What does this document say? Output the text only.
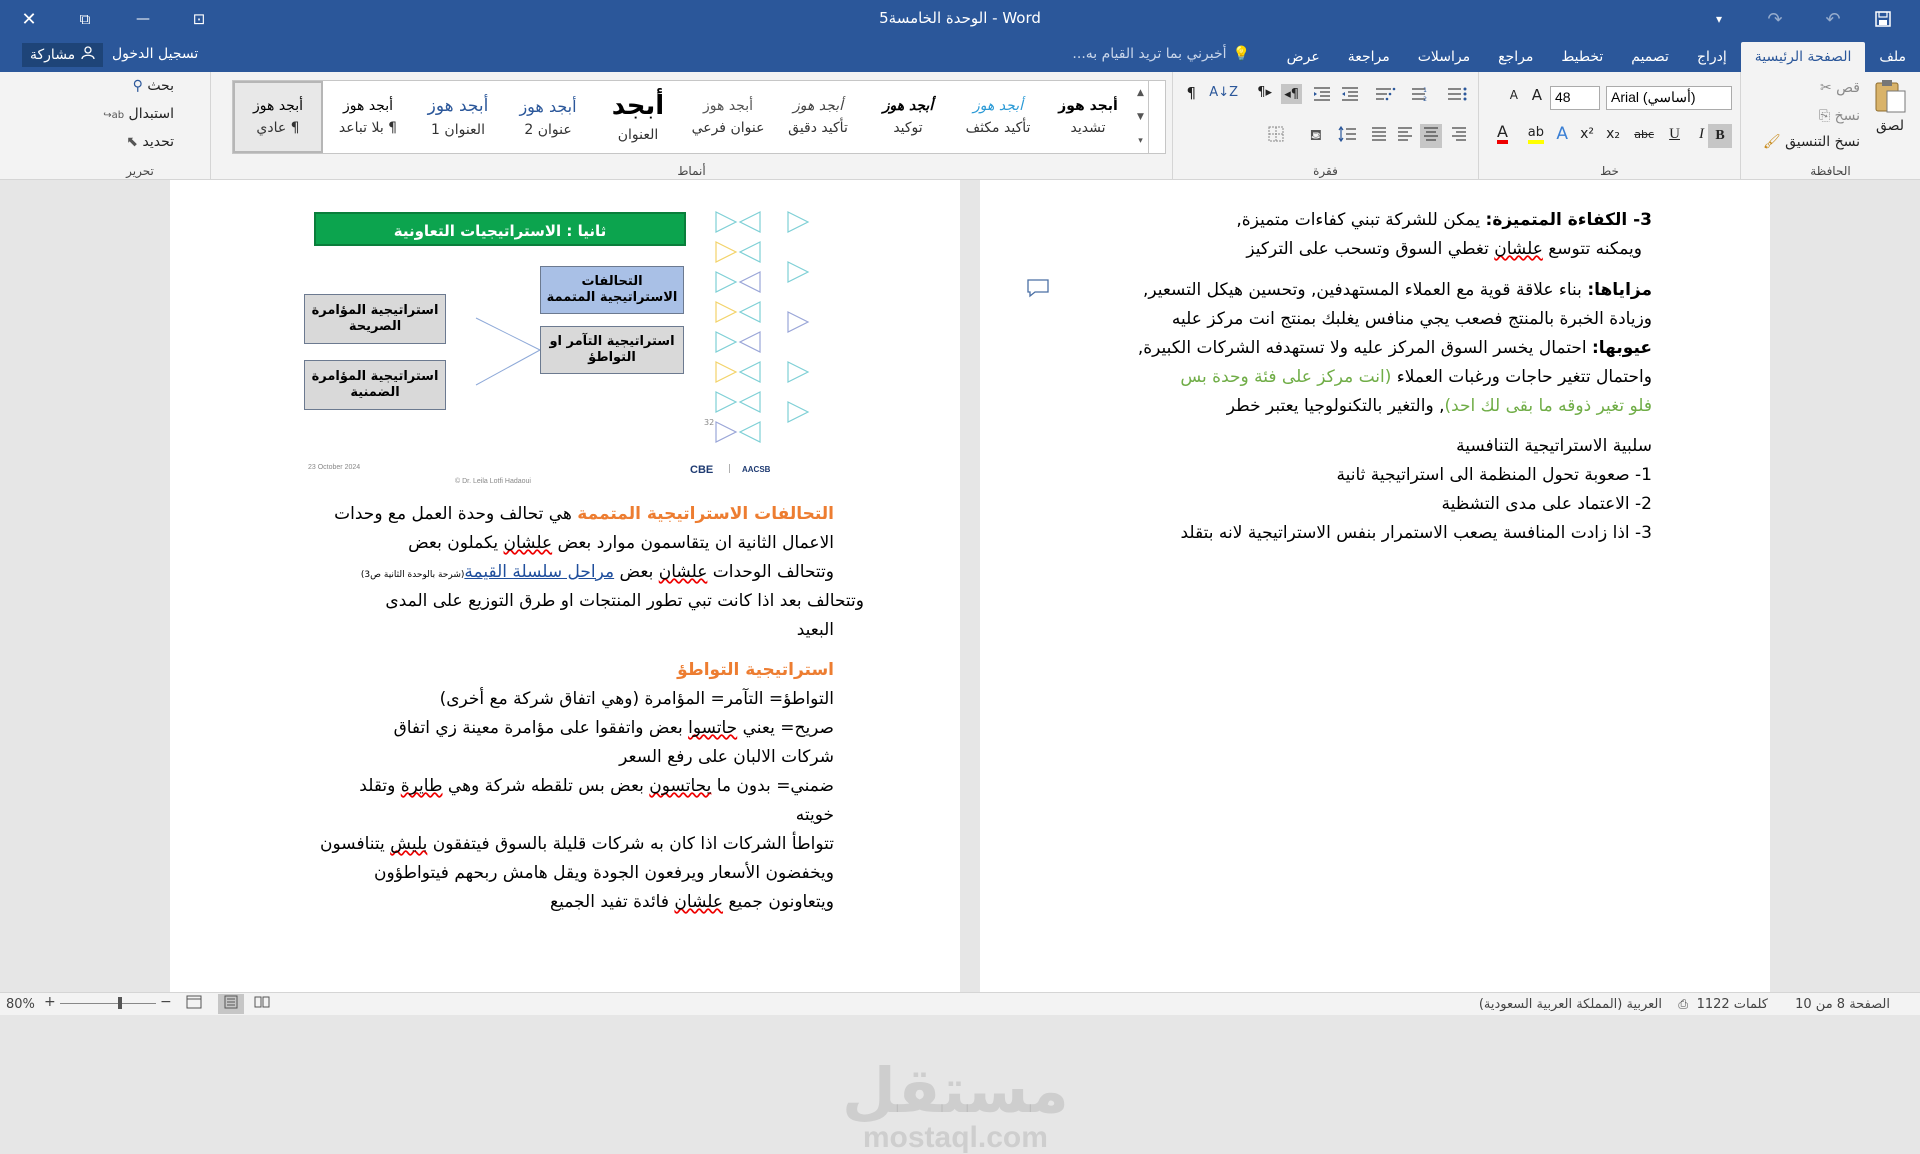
✕	⧉	—	⊡	5الوحدة الخامسة - Word	▾	↷	↶
ملف
الصفحة الرئيسية
إدراج
تصميم
تخطيط
مراجع
مراسلات
مراجعة
عرض
💡
أخبرني بما تريد القيام به...
تسجيل الدخول
مشاركة
لصق
قص ✂
نسخ ⎘
نسخ التنسيق 🖌
الحافظة
Arial (أساسي)
48
A
A
B
I
U
abc
x₂
x²
A
ab
A
خط
¶	1
2
¶◂
▸¶
A↓Z
⛾
فقرة
أبجد هوز
¶ عادي
أبجد هوز
¶ بلا تباعد
أبجد هوز
العنوان 1
أبجد هوز
عنوان 2
أبجد
العنوان
أبجد هوز
عنوان فرعي
أبجد هوز
تأكيد دقيق
أبجد هوز
توكيد
أبجد هوز
تأكيد مكثف
أبجد هوز
تشديد
▲
▼
▾
أنماط
بحث ⚲
استبدال ab↪
تحديد ⬉
تحرير
3- الكفاءة المتميزة: يمكن للشركة تبني كفاءات متميزة,
ويمكنه تتوسع علشان تغطي السوق وتسحب على التركيز
مزاياها: بناء علاقة قوية مع العملاء المستهدفين, وتحسين هيكل التسعير,
وزيادة الخبرة بالمنتج فصعب يجي منافس يغلبك بمنتج انت مركز عليه
عيوبها: احتمال يخسر السوق المركز عليه ولا تستهدفه الشركات الكبيرة,
واحتمال تتغير حاجات ورغبات العملاء (انت مركز على فئة وحدة بس
فلو تغير ذوقه ما بقى لك احد), والتغير بالتكنولوجيا يعتبر خطر
سلبية الاستراتيجية التنافسية
1- صعوبة تحول المنظمة الى استراتيجية ثانية
2- الاعتماد على مدى التشظية
3- اذا زادت المنافسة يصعب الاستمرار بنفس الاستراتيجية لانه بتقلد
ثانيا : الاستراتيجيات التعاونية
التحالفات الاستراتيجية المتممة
استراتيجية التآمر او التواطؤ
استراتيجية المؤامرة الصريحة
استراتيجية المؤامرة الضمنية
32
23 October 2024
© Dr. Leila Lotfi Hadaoui
CBE | AACSB
التحالفات الاستراتيجية المتممة هي تحالف وحدة العمل مع وحدات
الاعمال الثانية ان يتقاسمون موارد بعض علشان يكملون بعض
وتتحالف الوحدات علشان بعض مراحل سلسلة القيمة(شرحة بالوحدة الثانية ص3)
وتتحالف بعد اذا كانت تبي تطور المنتجات او طرق التوزيع على المدى
البعيد
استراتيجية التواطؤ
التواطؤ= التآمر= المؤامرة (وهي اتفاق شركة مع أخرى)
صريح= يعني حاتسوا بعض واتفقوا على مؤامرة معينة زي اتفاق
شركات الالبان على رفع السعر
ضمني= بدون ما يحاتسون بعض بس تلقطه شركة وهي طايرة وتقلد
خويته
تتواطأ الشركات اذا كان به شركات قليلة بالسوق فيتفقون بليش يتنافسون
ويخفضون الأسعار ويرفعون الجودة ويقل هامش ربحهم فيتواطؤون
ويتعاونون جميع علشان فائدة تفيد الجميع
مستقل
mostaql.com
الصفحة 8 من 10
1122 كلمات
⎙
العربية (المملكة العربية السعودية)
−
+
80%
